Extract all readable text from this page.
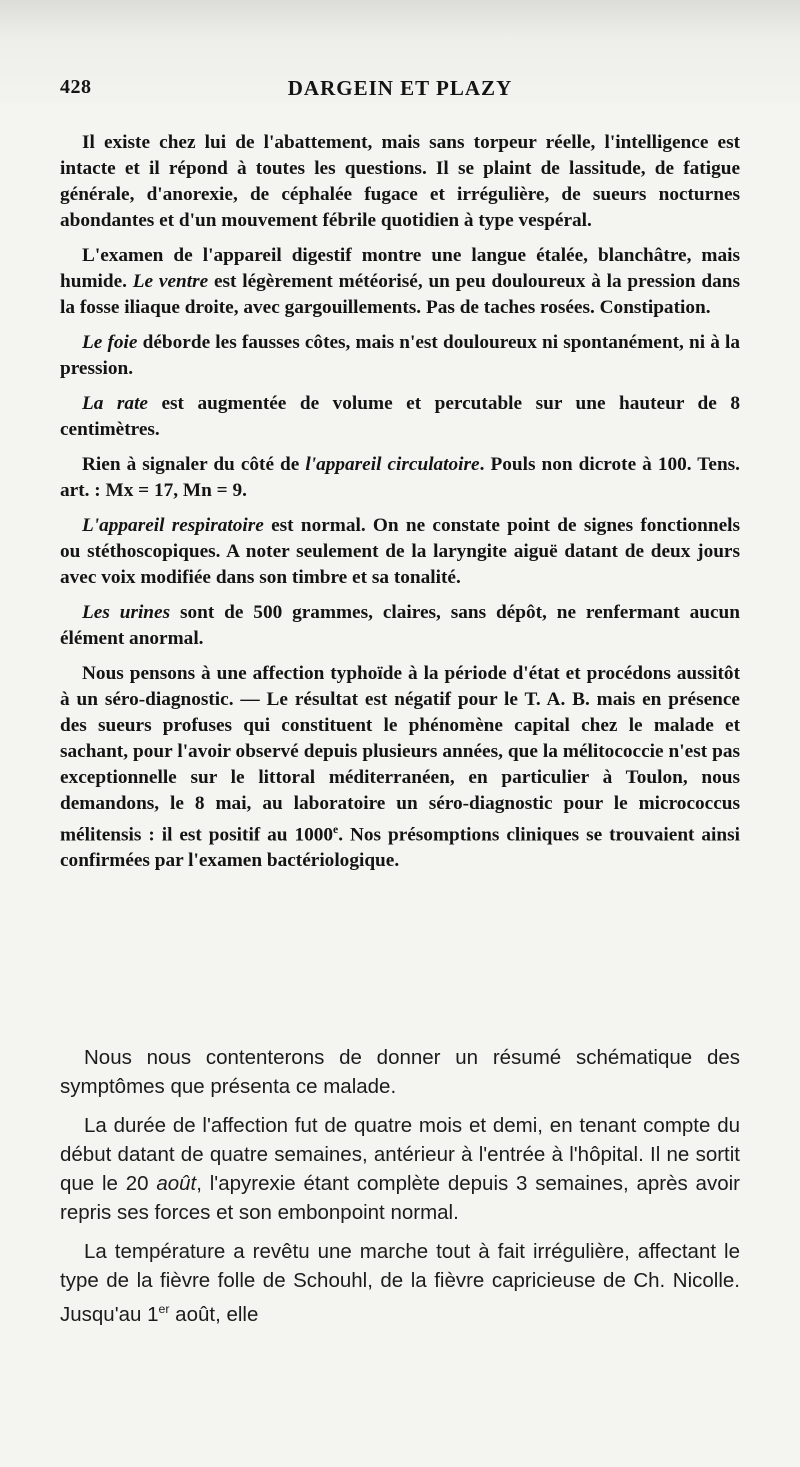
428	DARGEIN ET PLAZY

Il existe chez lui de l'abattement, mais sans torpeur réelle, l'intelligence est intacte et il répond à toutes les questions. Il se plaint de lassitude, de fatigue générale, d'anorexie, de céphalée fugace et irrégulière, de sueurs nocturnes abondantes et d'un mouvement fébrile quotidien à type vespéral.

L'examen de l'appareil digestif montre une langue étalée, blanchâtre, mais humide. Le ventre est légèrement météorisé, un peu douloureux à la pression dans la fosse iliaque droite, avec gargouillements. Pas de taches rosées. Constipation.

Le foie déborde les fausses côtes, mais n'est douloureux ni spontanément, ni à la pression.

La rate est augmentée de volume et percutable sur une hauteur de 8 centimètres.

Rien à signaler du côté de l'appareil circulatoire. Pouls non dicrote à 100. Tens. art. : Mx = 17, Mn = 9.

L'appareil respiratoire est normal. On ne constate point de signes fonctionnels ou stéthoscopiques. A noter seulement de la laryngite aiguë datant de deux jours avec voix modifiée dans son timbre et sa tonalité.

Les urines sont de 500 grammes, claires, sans dépôt, ne renfermant aucun élément anormal.

Nous pensons à une affection typhoïde à la période d'état et procédons aussitôt à un séro-diagnostic. — Le résultat est négatif pour le T. A. B. mais en présence des sueurs profuses qui constituent le phénomène capital chez le malade et sachant, pour l'avoir observé depuis plusieurs années, que la mélitococcie n'est pas exceptionnelle sur le littoral méditerranéen, en particulier à Toulon, nous demandons, le 8 mai, au laboratoire un séro-diagnostic pour le micrococcus mélitensis : il est positif au 1000e. Nos présomptions cliniques se trouvaient ainsi confirmées par l'examen bactériologique.

Nous nous contenterons de donner un résumé schématique des symptômes que présenta ce malade.

La durée de l'affection fut de quatre mois et demi, en tenant compte du début datant de quatre semaines, antérieur à l'entrée à l'hôpital. Il ne sortit que le 20 août, l'apyrexie étant complète depuis 3 semaines, après avoir repris ses forces et son embonpoint normal.

La température a revêtu une marche tout à fait irrégulière, affectant le type de la fièvre folle de Schouhl, de la fièvre capricieuse de Ch. Nicolle. Jusqu'au 1er août, elle
